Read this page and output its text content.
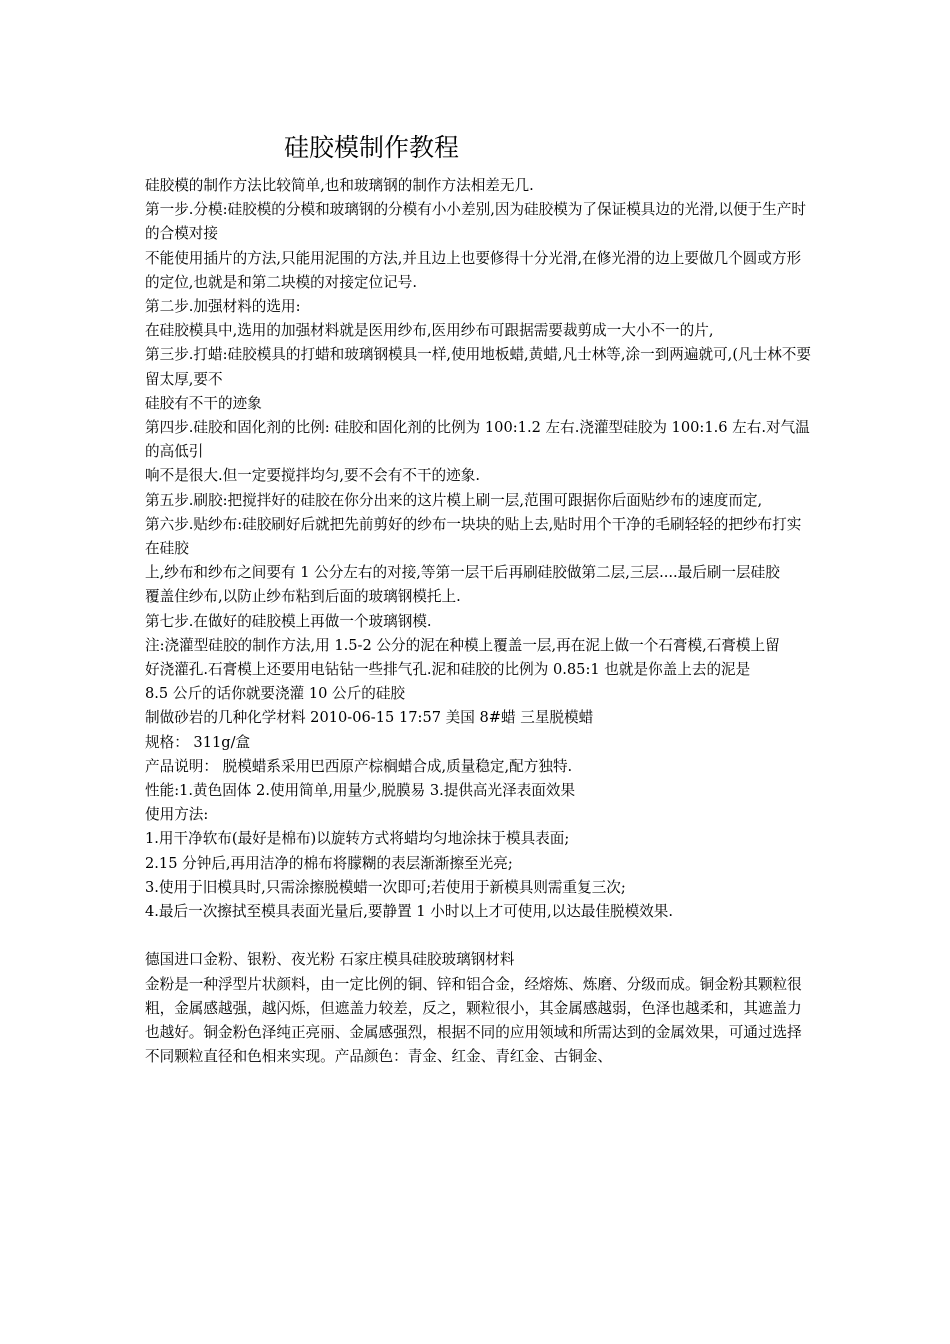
硅胶模制作教程

硅胶模的制作方法比较简单,也和玻璃钢的制作方法相差无几.

第一步.分模:硅胶模的分模和玻璃钢的分模有小小差别,因为硅胶模为了保证模具边的光滑,以便于生产时的合模对接

不能使用插片的方法,只能用泥围的方法,并且边上也要修得十分光滑,在修光滑的边上要做几个圆或方形

的定位,也就是和第二块模的对接定位记号.

第二步.加强材料的选用:

在硅胶模具中,选用的加强材料就是医用纱布,医用纱布可跟据需要裁剪成一大小不一的片,

第三步.打蜡:硅胶模具的打蜡和玻璃钢模具一样,使用地板蜡,黄蜡,凡士林等,涂一到两遍就可,(凡士林不要留太厚,要不

硅胶有不干的迹象

第四步.硅胶和固化剂的比例: 硅胶和固化剂的比例为 100:1.2 左右.浇灌型硅胶为 100:1.6 左右.对气温的高低引

响不是很大.但一定要搅拌均匀,要不会有不干的迹象.

第五步.刷胶:把搅拌好的硅胶在你分出来的这片模上刷一层,范围可跟据你后面贴纱布的速度而定,

第六步.贴纱布:硅胶刷好后就把先前剪好的纱布一块块的贴上去,贴时用个干净的毛刷轻轻的把纱布打实在硅胶

上,纱布和纱布之间要有 1 公分左右的对接,等第一层干后再刷硅胶做第二层,三层....最后刷一层硅胶

覆盖住纱布,以防止纱布粘到后面的玻璃钢模托上.

第七步.在做好的硅胶模上再做一个玻璃钢模.

注:浇灌型硅胶的制作方法,用 1.5-2 公分的泥在种模上覆盖一层,再在泥上做一个石膏模,石膏模上留

好浇灌孔.石膏模上还要用电钻钻一些排气孔.泥和硅胶的比例为 0.85:1 也就是你盖上去的泥是

8.5 公斤的话你就要浇灌 10 公斤的硅胶

制做砂岩的几种化学材料 2010-06-15 17:57 美国 8#蜡 三星脱模蜡

规格： 311g/盒

产品说明： 脱模蜡系采用巴西原产棕榈蜡合成,质量稳定,配方独特.

性能:1.黄色固体 2.使用简单,用量少,脱膜易 3.提供高光泽表面效果

使用方法:

1.用干净软布(最好是棉布)以旋转方式将蜡均匀地涂抹于模具表面;

2.15 分钟后,再用洁净的棉布将朦糊的表层渐渐擦至光亮;

3.使用于旧模具时,只需涂擦脱模蜡一次即可;若使用于新模具则需重复三次;

4.最后一次擦拭至模具表面光量后,要静置 1 小时以上才可使用,以达最佳脱模效果.

德国进口金粉、银粉、夜光粉 石家庄模具硅胶玻璃钢材料

金粉是一种浮型片状颜料，由一定比例的铜、锌和铝合金，经熔炼、炼磨、分级而成。铜金粉其颗粒很粗，金属感越强，越闪烁，但遮盖力较差，反之，颗粒很小，其金属感越弱，色泽也越柔和，其遮盖力也越好。铜金粉色泽纯正亮丽、金属感强烈，根据不同的应用领域和所需达到的金属效果，可通过选择不同颗粒直径和色相来实现。产品颜色：青金、红金、青红金、古铜金、
